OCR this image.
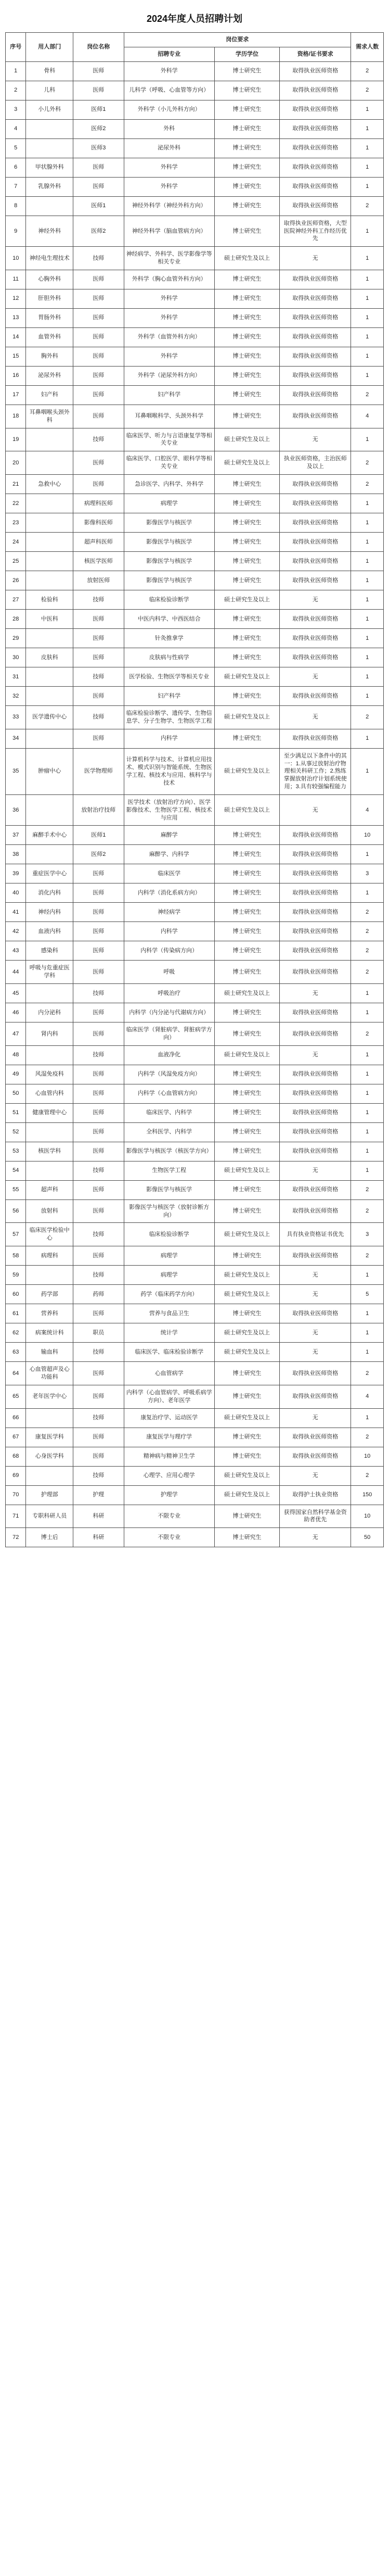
2024年度人员招聘计划
序号	用人部门	岗位名称	岗位要求			需求人数
			招聘专业	学历学位	资格/证书要求	
1	骨科	医师	外科学	博士研究生	取得执业医师资格	2
2	儿科	医师	儿科学（呼吸、心血管等方向）	博士研究生	取得执业医师资格	2
3	小儿外科	医师1	外科学（小儿外科方向）	博士研究生	取得执业医师资格	1
4		医师2	外科	博士研究生	取得执业医师资格	1
5		医师3	泌尿外科	博士研究生	取得执业医师资格	1
6	甲状腺外科	医师	外科学	博士研究生	取得执业医师资格	1
7	乳腺外科	医师	外科学	博士研究生	取得执业医师资格	1
8		医师1	神经外科学（神经外科方向）	博士研究生	取得执业医师资格	2
9	神经外科	医师2	神经外科学（脑血管病方向）	博士研究生	取得执业医师资格，大型医院神经外科工作经历优先	1
10	神经电生理技术	技师	神经病学、外科学、医学影像学等相关专业	硕士研究生及以上	无	1
11	心胸外科	医师	外科学（胸心血管外科方向）	博士研究生	取得执业医师资格	1
12	肝胆外科	医师	外科学	博士研究生	取得执业医师资格	1
13	胃肠外科	医师	外科学	博士研究生	取得执业医师资格	1
14	血管外科	医师	外科学（血管外科方向）	博士研究生	取得执业医师资格	1
15	胸外科	医师	外科学	博士研究生	取得执业医师资格	1
16	泌尿外科	医师	外科学（泌尿外科方向）	博士研究生	取得执业医师资格	1
17	妇产科	医师	妇产科学	博士研究生	取得执业医师资格	2
18	耳鼻咽喉头颈外科	医师	耳鼻咽喉科学、头颈外科学	博士研究生	取得执业医师资格	4
19		技师	临床医学、听力与言语康复学等相关专业	硕士研究生及以上	无	1
20		医师	临床医学、口腔医学、眼科学等相关专业	硕士研究生及以上	执业医师资格，主治医师及以上	2
21	急救中心	医师	急诊医学、内科学、外科学	博士研究生	取得执业医师资格	2
22		病理科医师	病理学	博士研究生	取得执业医师资格	1
23		影像科医师	影像医学与核医学	博士研究生	取得执业医师资格	1
24		超声科医师	影像医学与核医学	博士研究生	取得执业医师资格	1
25		核医学医师	影像医学与核医学	博士研究生	取得执业医师资格	1
26		放射医师	影像医学与核医学	博士研究生	取得执业医师资格	1
27	检验科	技师	临床检验诊断学	硕士研究生及以上	无	1
28	中医科	医师	中医内科学、中西医结合	博士研究生	取得执业医师资格	1
29		医师	针灸推拿学	博士研究生	取得执业医师资格	1
30	皮肤科	医师	皮肤病与性病学	博士研究生	取得执业医师资格	1
31		技师	医学检验、生物医学等相关专业	硕士研究生及以上	无	1
32		医师	妇产科学	博士研究生	取得执业医师资格	1
33	医学遗传中心	技师	临床检验诊断学、遗传学、生物信息学、分子生物学、生物医学工程	硕士研究生及以上	无	2
34		医师	内科学	博士研究生	取得执业医师资格	1
35	肿瘤中心	医学物理师	计算机科学与技术、计算机应用技术、模式识别与智能系统、生物医学工程、核技术与应用、核科学与技术	硕士研究生及以上	至少满足以下条件中的其一：1.从事过放射治疗物理相关科研工作；2.熟练掌握放射治疗计划系统使用；3.具有较强编程能力	1
36		放射治疗技师	医学技术（放射治疗方向）、医学影像技术、生物医学工程、核技术与应用	硕士研究生及以上	无	4
37	麻醉手术中心	医师1	麻醉学	博士研究生	取得执业医师资格	10
38		医师2	麻醉学、内科学	博士研究生	取得执业医师资格	1
39	重症医学中心	医师	临床医学	博士研究生	取得执业医师资格	3
40	消化内科	医师	内科学（消化系病方向）	博士研究生	取得执业医师资格	1
41	神经内科	医师	神经病学	博士研究生	取得执业医师资格	2
42	血液内科	医师	内科学	博士研究生	取得执业医师资格	2
43	感染科	医师	内科学（传染病方向）	博士研究生	取得执业医师资格	2
44	呼吸与危重症医学科	医师	呼吸	博士研究生	取得执业医师资格	2
45		技师	呼吸治疗	硕士研究生及以上	无	1
46	内分泌科	医师	内科学（内分泌与代谢病方向）	博士研究生	取得执业医师资格	1
47	肾内科	医师	临床医学（肾脏病学、肾脏病学方向）	博士研究生	取得执业医师资格	2
48		技师	血液净化	硕士研究生及以上	无	1
49	风湿免疫科	医师	内科学（风湿免疫方向）	博士研究生	取得执业医师资格	1
50	心血管内科	医师	内科学（心血管病方向）	博士研究生	取得执业医师资格	1
51	健康管理中心	医师	临床医学、内科学	博士研究生	取得执业医师资格	1
52		医师	全科医学、内科学	博士研究生	取得执业医师资格	1
53	核医学科	医师	影像医学与核医学（核医学方向）	博士研究生	取得执业医师资格	1
54		技师	生物医学工程	硕士研究生及以上	无	1
55	超声科	医师	影像医学与核医学	博士研究生	取得执业医师资格	2
56	放射科	医师	影像医学与核医学（放射诊断方向）	博士研究生	取得执业医师资格	2
57	临床医学检验中心	技师	临床检验诊断学	硕士研究生及以上	具有执业资格证书优先	3
58	病理科	医师	病理学	博士研究生	取得执业医师资格	2
59		技师	病理学	硕士研究生及以上	无	1
60	药学部	药师	药学（临床药学方向）	硕士研究生及以上	无	5
61	营养科	医师	营养与食品卫生	博士研究生	取得执业医师资格	1
62	病案统计科	职员	统计学	硕士研究生及以上	无	1
63	输血科	技师	临床医学、临床检验诊断学	硕士研究生及以上	无	1
64	心血管超声及心功能科	医师	心血管病学	博士研究生	取得执业医师资格	2
65	老年医学中心	医师	内科学（心血管病学、呼吸系病学方向）、老年医学	博士研究生	取得执业医师资格	4
66		技师	康复治疗学、运动医学	硕士研究生及以上	无	1
67	康复医学科	医师	康复医学与理疗学	博士研究生	取得执业医师资格	2
68	心身医学科	医师	精神病与精神卫生学	博士研究生	取得执业医师资格	10
69		技师	心理学、应用心理学	硕士研究生及以上	无	2
70	护理部	护理	护理学	硕士研究生及以上	取得护士执业资格	150
71	专职科研人员	科研	不限专业	博士研究生	获得国家自然科学基金资助者优先	10
72	博士后	科研	不限专业	博士研究生	无	50
